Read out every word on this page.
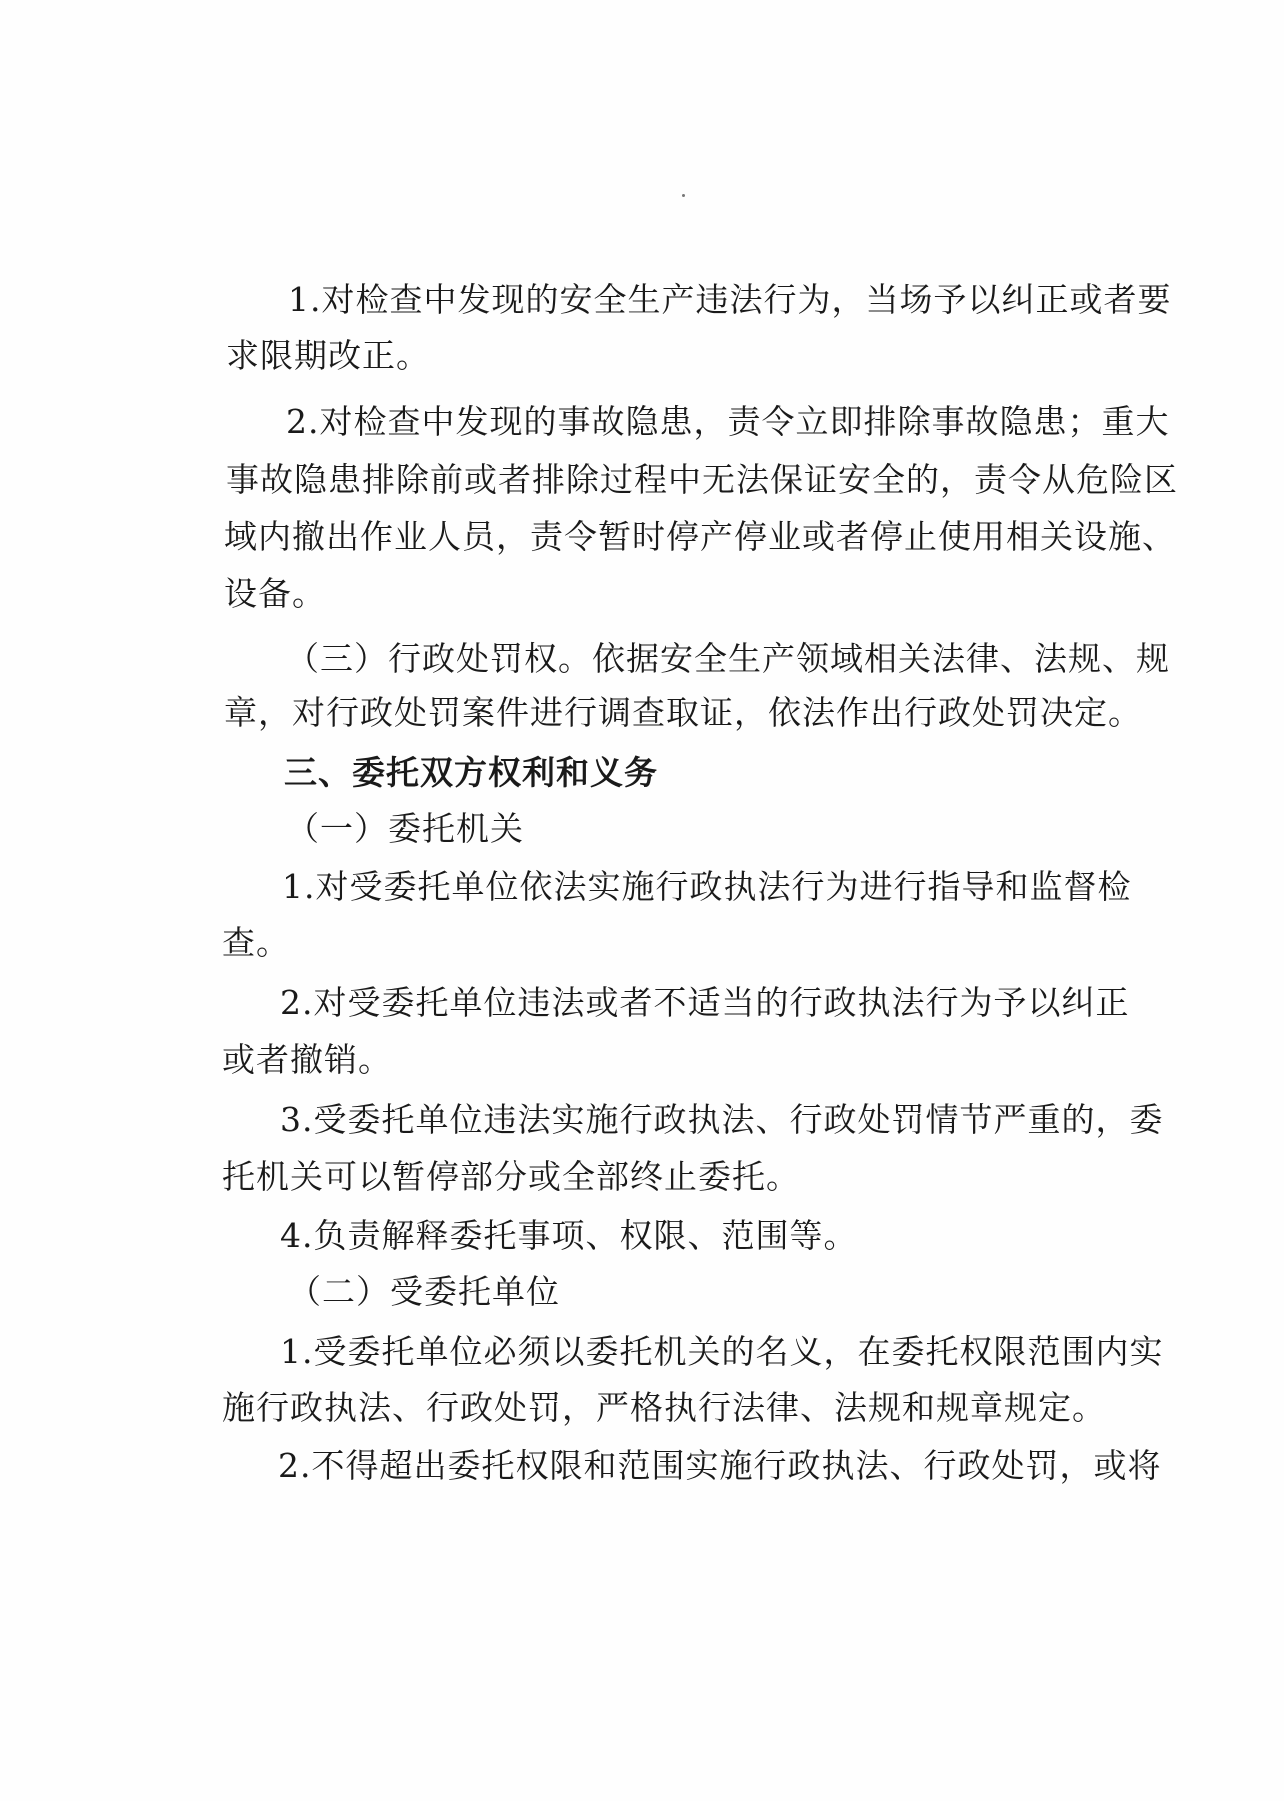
1.对检查中发现的安全生产违法行为，当场予以纠正或者要
求限期改正。
2.对检查中发现的事故隐患，责令立即排除事故隐患；重大
事故隐患排除前或者排除过程中无法保证安全的，责令从危险区
域内撤出作业人员，责令暂时停产停业或者停止使用相关设施、
设备。
（三）行政处罚权。依据安全生产领域相关法律、法规、规
章，对行政处罚案件进行调查取证，依法作出行政处罚决定。
三、委托双方权利和义务
（一）委托机关
1.对受委托单位依法实施行政执法行为进行指导和监督检
查。
2.对受委托单位违法或者不适当的行政执法行为予以纠正
或者撤销。
3.受委托单位违法实施行政执法、行政处罚情节严重的，委
托机关可以暂停部分或全部终止委托。
4.负责解释委托事项、权限、范围等。
（二）受委托单位
1.受委托单位必须以委托机关的名义，在委托权限范围内实
施行政执法、行政处罚，严格执行法律、法规和规章规定。
2.不得超出委托权限和范围实施行政执法、行政处罚，或将
